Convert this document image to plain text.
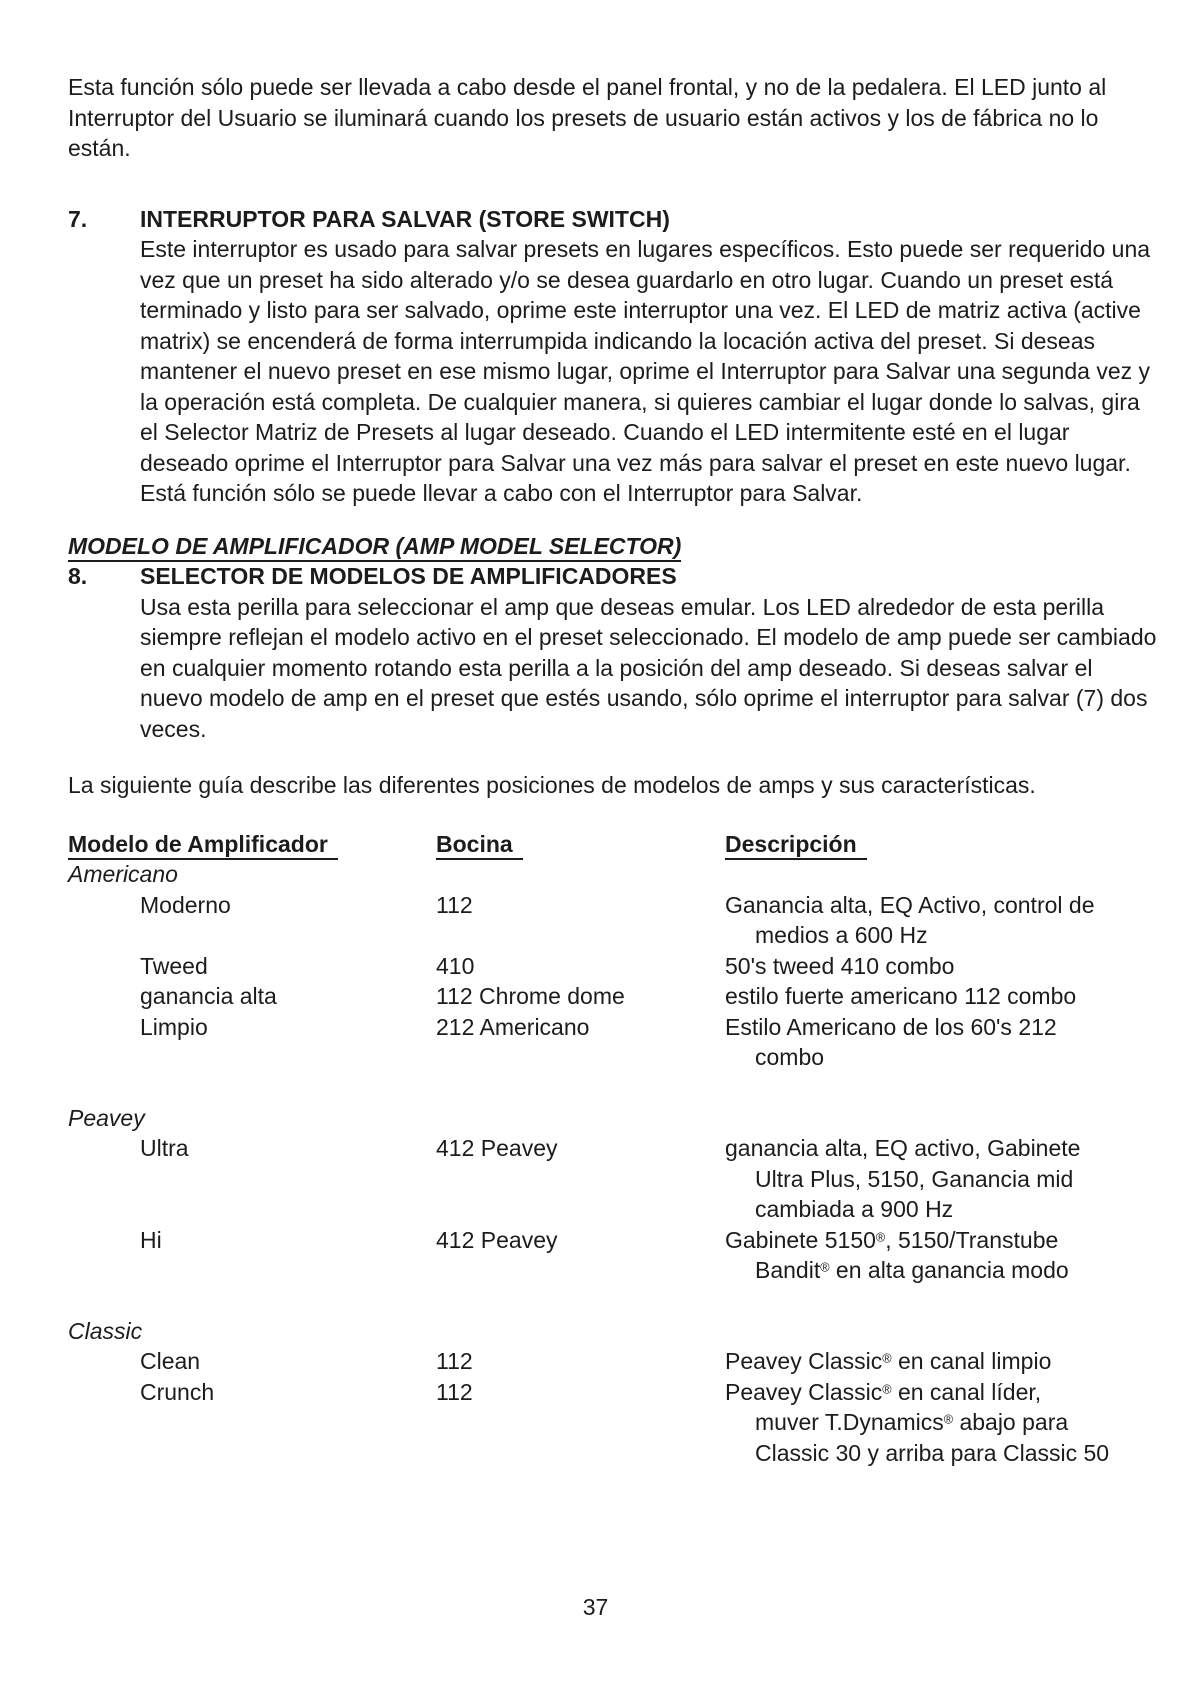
Esta función sólo puede ser llevada a cabo desde el panel frontal, y no de la pedalera. El LED junto al Interruptor del Usuario se iluminará cuando los presets de usuario están activos y los de fábrica no lo están.

7.	INTERRUPTOR PARA SALVAR (STORE SWITCH)
Este interruptor es usado para salvar presets en lugares específicos. Esto puede ser requerido una vez que un preset ha sido alterado y/o se desea guardarlo en otro lugar. Cuando un preset está terminado y listo para ser salvado, oprime este interruptor una vez. El LED de matriz activa (active matrix) se encenderá de forma interrumpida indicando la locación activa del preset. Si deseas mantener el nuevo preset en ese mismo lugar, oprime el Interruptor para Salvar una segunda vez y la operación está completa. De cualquier manera, si quieres cambiar el lugar donde lo salvas, gira el Selector Matriz de Presets al lugar deseado. Cuando el LED intermitente esté en el lugar deseado oprime el Interruptor para Salvar una vez más para salvar el preset en este nuevo lugar. Está función sólo se puede llevar a cabo con el Interruptor para Salvar.
MODELO DE AMPLIFICADOR (AMP MODEL SELECTOR)
8.	SELECTOR DE MODELOS DE AMPLIFICADORES
Usa esta perilla para seleccionar el amp que deseas emular. Los LED alrededor de esta perilla siempre reflejan el modelo activo en el preset seleccionado. El modelo de amp puede ser cambiado en cualquier momento rotando esta perilla a la posición del amp deseado. Si deseas salvar el nuevo modelo de amp en el preset que estés usando, sólo oprime el interruptor para salvar (7) dos veces.

La siguiente guía describe las diferentes posiciones de modelos de amps y sus características.

Modelo de Amplificador	Bocina	Descripción
Americano
Moderno	112	Ganancia alta, EQ Activo, control de
medios a 600 Hz
Tweed	410	50's tweed 410 combo
ganancia alta	112 Chrome dome	estilo fuerte americano 112 combo
Limpio	212 Americano	Estilo Americano de los 60's 212
combo
Peavey
Ultra	412 Peavey	ganancia alta, EQ activo, Gabinete
Ultra Plus, 5150, Ganancia mid
cambiada a 900 Hz
Hi	412 Peavey	Gabinete 5150®, 5150/Transtube
Bandit® en alta ganancia modo
Classic
Clean	112	Peavey Classic® en canal limpio
Crunch	112	Peavey Classic® en canal líder,
muver T.Dynamics® abajo para
Classic 30 y arriba para Classic 50
37
